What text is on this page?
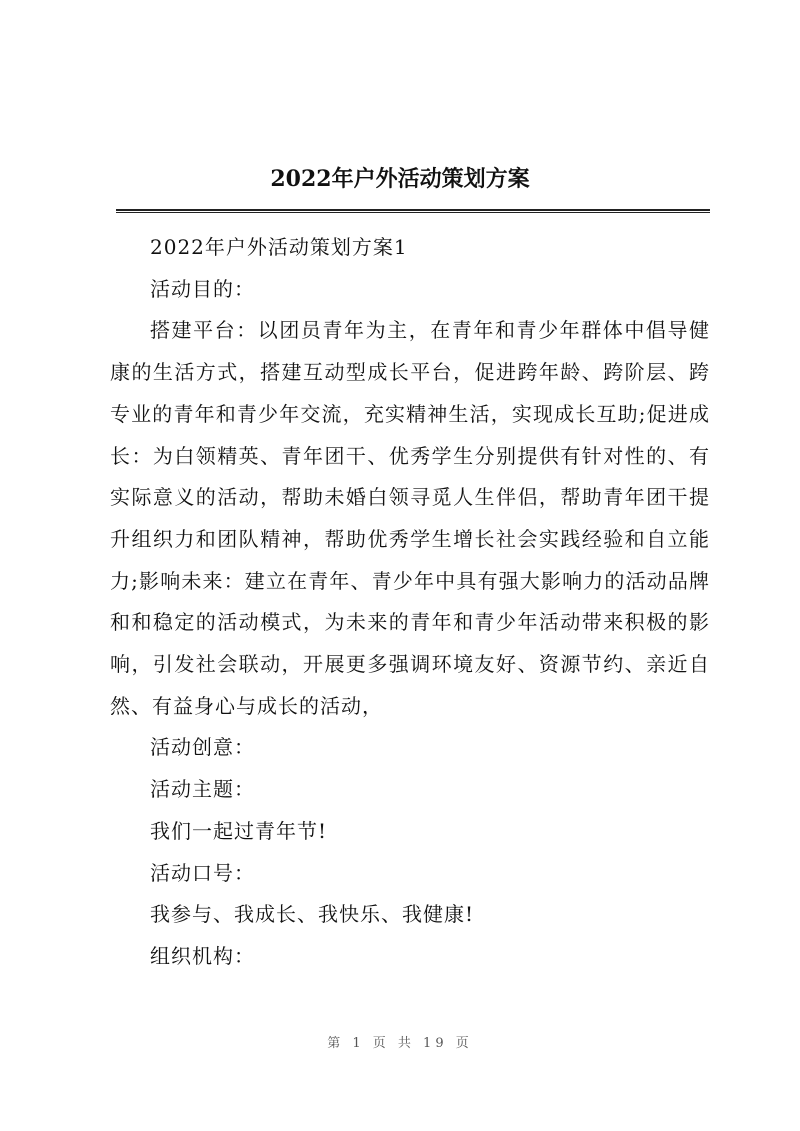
2022年户外活动策划方案

2022年户外活动策划方案1

活动目的：

搭建平台：以团员青年为主，在青年和青少年群体中倡导健康的生活方式，搭建互动型成长平台，促进跨年龄、跨阶层、跨专业的青年和青少年交流，充实精神生活，实现成长互助;促进成长：为白领精英、青年团干、优秀学生分别提供有针对性的、有实际意义的活动，帮助未婚白领寻觅人生伴侣，帮助青年团干提升组织力和团队精神，帮助优秀学生增长社会实践经验和自立能力;影响未来：建立在青年、青少年中具有强大影响力的活动品牌和和稳定的活动模式，为未来的青年和青少年活动带来积极的影响，引发社会联动，开展更多强调环境友好、资源节约、亲近自然、有益身心与成长的活动，

活动创意：

活动主题：

我们一起过青年节!

活动口号：

我参与、我成长、我快乐、我健康!

组织机构：

第 1 页 共 19 页
